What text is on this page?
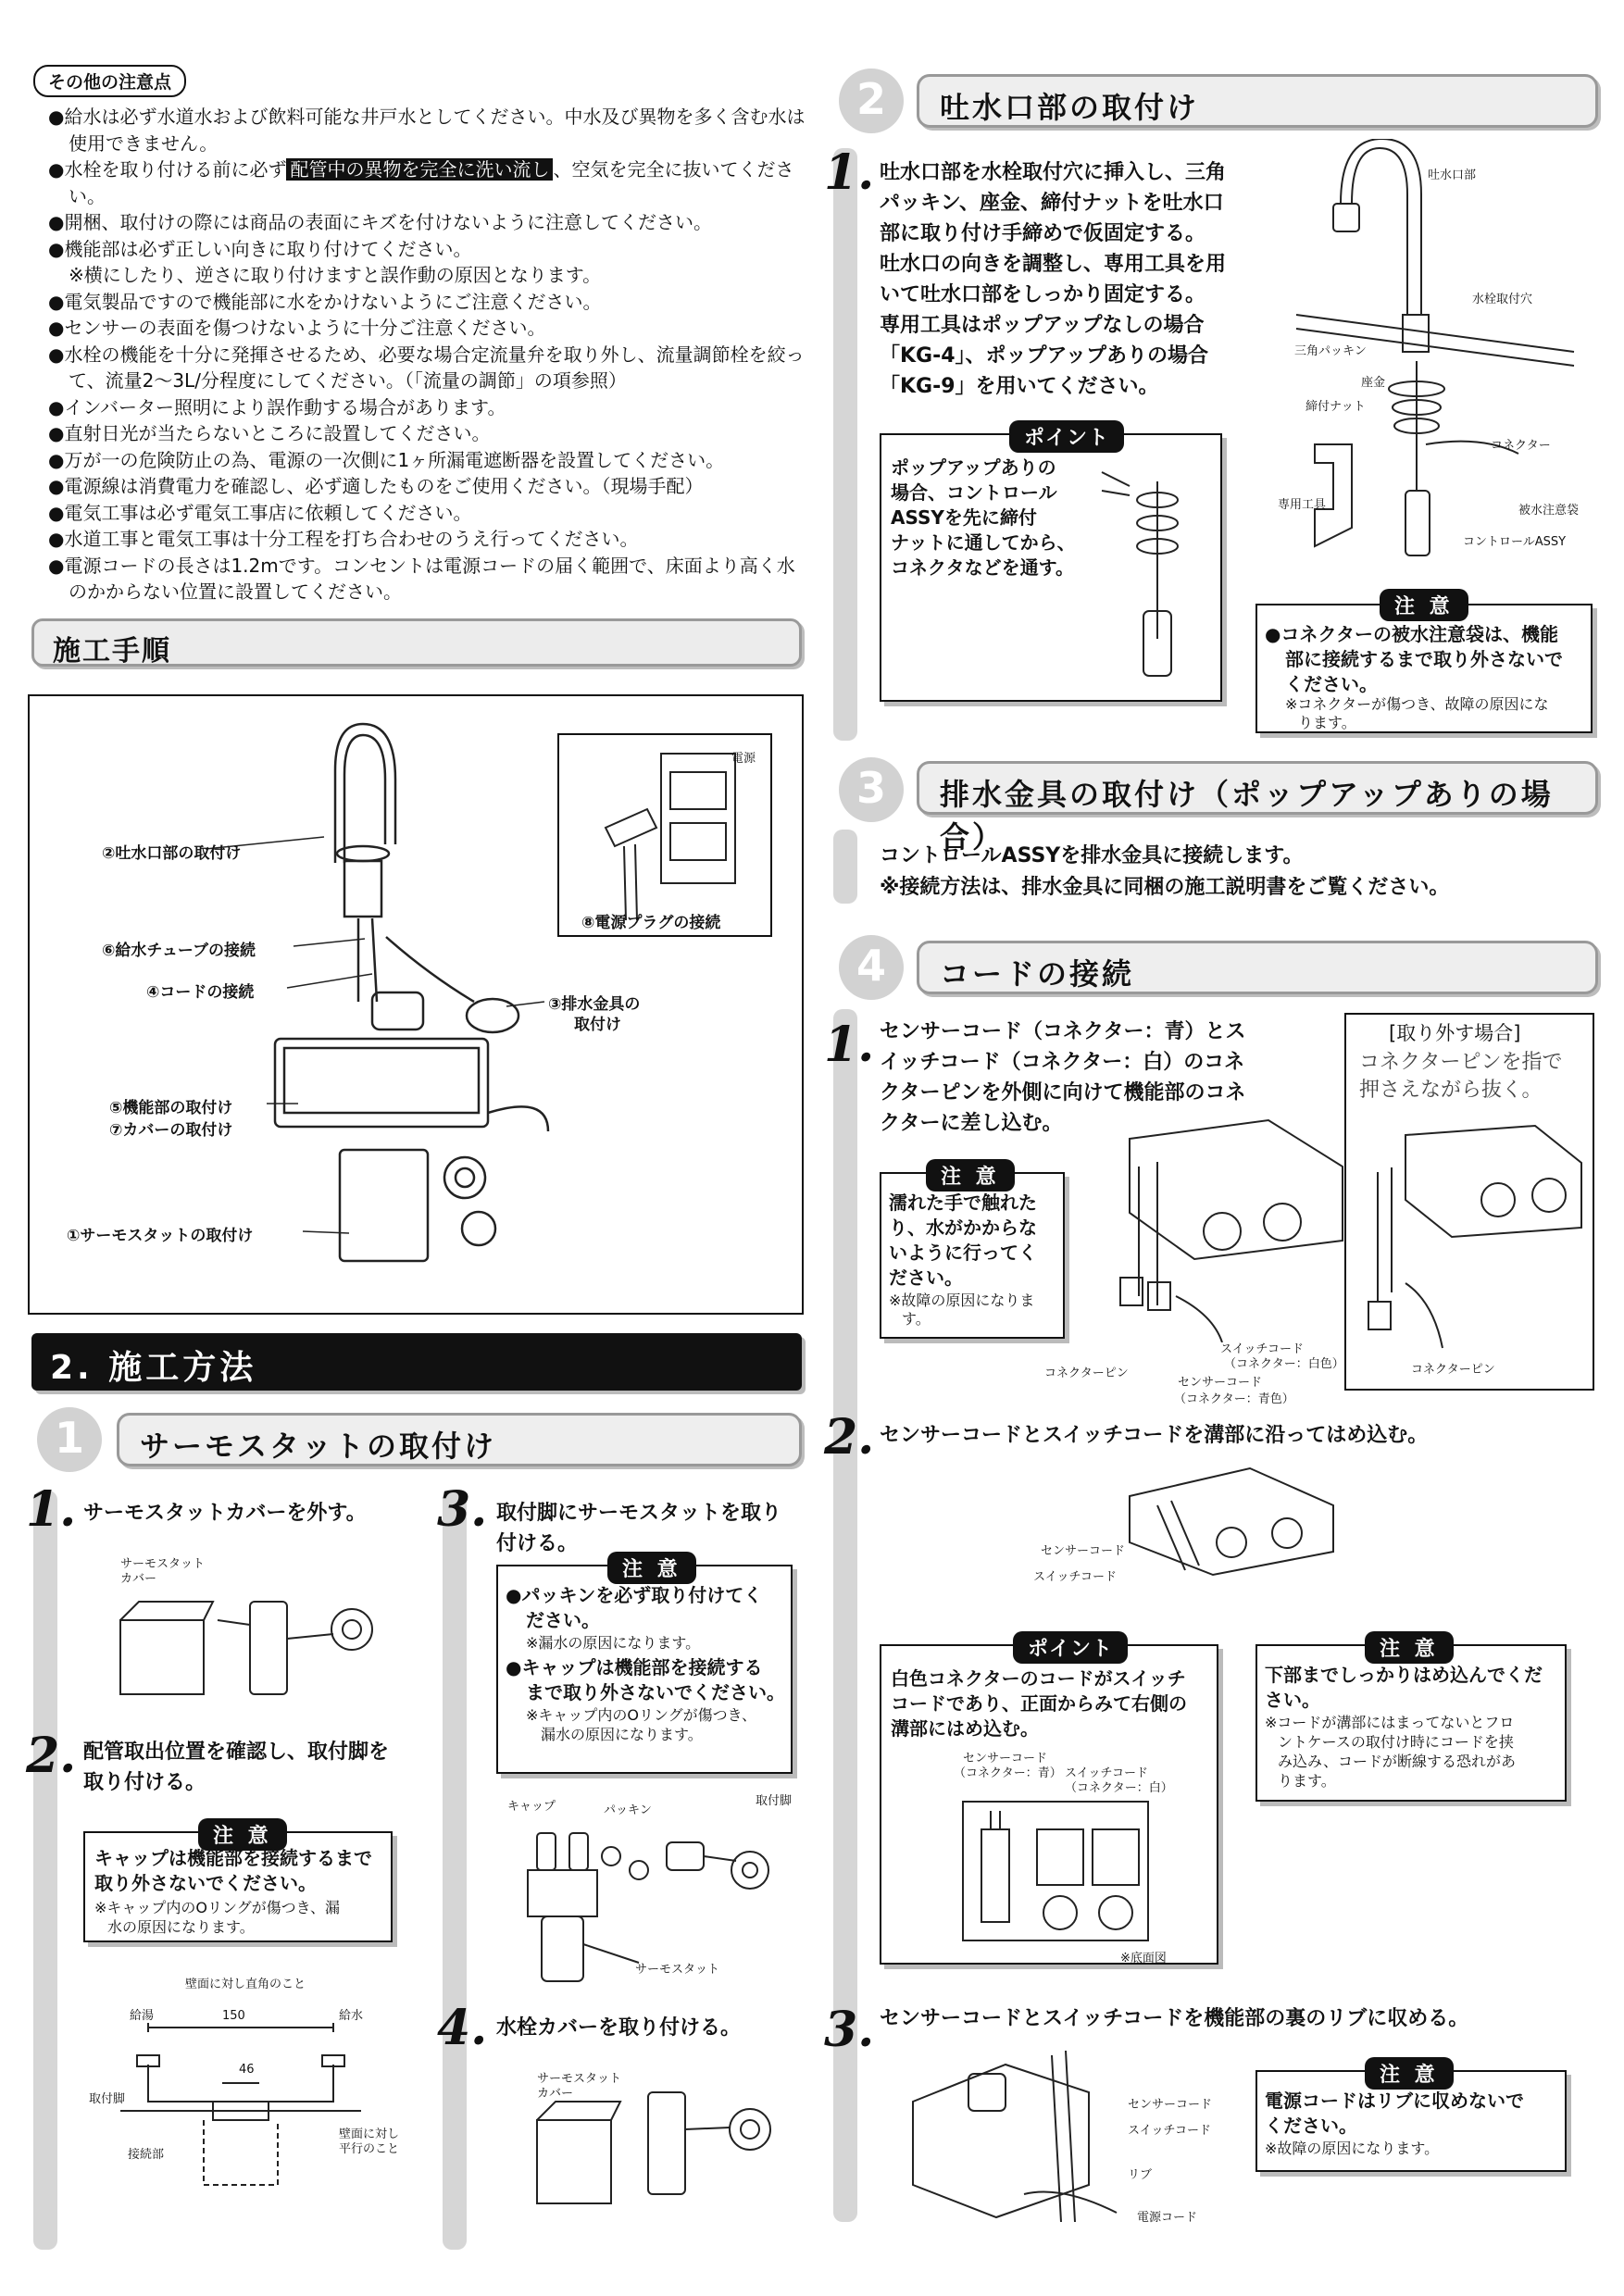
その他の注意点
●給水は必ず水道水および飲料可能な井戸水としてください。中水及び異物を多く含む水は使用できません。
●水栓を取り付ける前に必ず 配管中の異物を完全に洗い流し 、空気を完全に抜いてください。
●開梱、取付けの際には商品の表面にキズを付けないように注意してください。
●機能部は必ず正しい向きに取り付けてください。
※横にしたり、逆さに取り付けますと誤作動の原因となります。
●電気製品ですので機能部に水をかけないようにご注意ください。
●センサーの表面を傷つけないように十分ご注意ください。
●水栓の機能を十分に発揮させるため、必要な場合定流量弁を取り外し、流量調節栓を絞って、流量2～3L/分程度にしてください。（「流量の調節」の項参照）
●インバーター照明により誤作動する場合があります。
●直射日光が当たらないところに設置してください。
●万が一の危険防止の為、電源の一次側に1ヶ所漏電遮断器を設置してください。
●電源線は消費電力を確認し、必ず適したものをご使用ください。（現場手配）
●電気工事は必ず電気工事店に依頼してください。
●水道工事と電気工事は十分工程を打ち合わせのうえ行ってください。
●電源コードの長さは1.2mです。コンセントは電源コードの届く範囲で、床面より高く水のかからない位置に設置してください。
施工手順
②吐水口部の取付け
⑥給水チューブの接続
④コードの接続
③排水金具の
取付け
⑤機能部の取付け
⑦カバーの取付け
①サーモスタットの取付け
電源
⑧電源プラグの接続
2. 施工方法
1	サーモスタットの取付け
1. サーモスタットカバーを外す。
サーモスタット
カバー
2. 配管取出位置を確認し、取付脚を
取り付ける。
注 意
キャップは機能部を接続するまで
取り外さないでください。
※キャップ内のOリングが傷つき、漏
水の原因になります。
壁面に対し直角のこと
給湯	給水
150
46
取付脚
接続部
壁面に対し
平行のこと
3. 取付脚にサーモスタットを取り
付ける。
注 意
●パッキンを必ず取り付けてく
ださい。
※漏水の原因になります。
●キャップは機能部を接続する
まで取り外さないでください。
※キャップ内のOリングが傷つき、
漏水の原因になります。
キャップ	パッキン
取付脚
サーモスタット
4. 水栓カバーを取り付ける。
サーモスタット
カバー
2	吐水口部の取付け
1. 吐水口部を水栓取付穴に挿入し、三角
パッキン、座金、締付ナットを吐水口
部に取り付け手締めで仮固定する。
吐水口の向きを調整し、専用工具を用
いて吐水口部をしっかり固定する。
専用工具はポップアップなしの場合
「KG-4」、ポップアップありの場合
「KG-9」を用いてください。
ポイント
ポップアップありの
場合、コントロール
ASSYを先に締付
ナットに通してから、
コネクタなどを通す。
吐水口部
水栓取付穴
三角パッキン
座金
締付ナット
コネクター
専用工具	被水注意袋
コントロールASSY
注 意
●コネクターの被水注意袋は、機能
部に接続するまで取り外さないで
ください。
※コネクターが傷つき、故障の原因にな
ります。
3	排水金具の取付け（ポップアップありの場合）
コントロールASSYを排水金具に接続します。
※接続方法は、排水金具に同梱の施工説明書をご覧ください。
4	コードの接続
1. センサーコード（コネクター：青）とス
イッチコード（コネクター：白）のコネ
クターピンを外側に向けて機能部のコネ
クターに差し込む。
[取り外す場合]
コネクターピンを指で
押さえながら抜く。
コネクターピン
注 意
濡れた手で触れた
り、水がかからな
いように行ってく
ださい。
※故障の原因になりま
す。
スイッチコード
（コネクター：白色）
センサーコード
（コネクター：青色）
コネクターピン
2. センサーコードとスイッチコードを溝部に沿ってはめ込む。
センサーコード
スイッチコード
ポイント
白色コネクターのコードがスイッチ
コードであり、正面からみて右側の
溝部にはめ込む。
センサーコード
（コネクター：青） スイッチコード
（コネクター：白）
※底面図
注 意
下部までしっかりはめ込んでくだ
さい。
※コードが溝部にはまってないとフロ
ントケースの取付け時にコードを挟
み込み、コードが断線する恐れがあ
ります。
3. センサーコードとスイッチコードを機能部の裏のリブに収める。
センサーコード
スイッチコード
リブ
電源コード
注 意
電源コードはリブに収めないで
ください。
※故障の原因になります。
